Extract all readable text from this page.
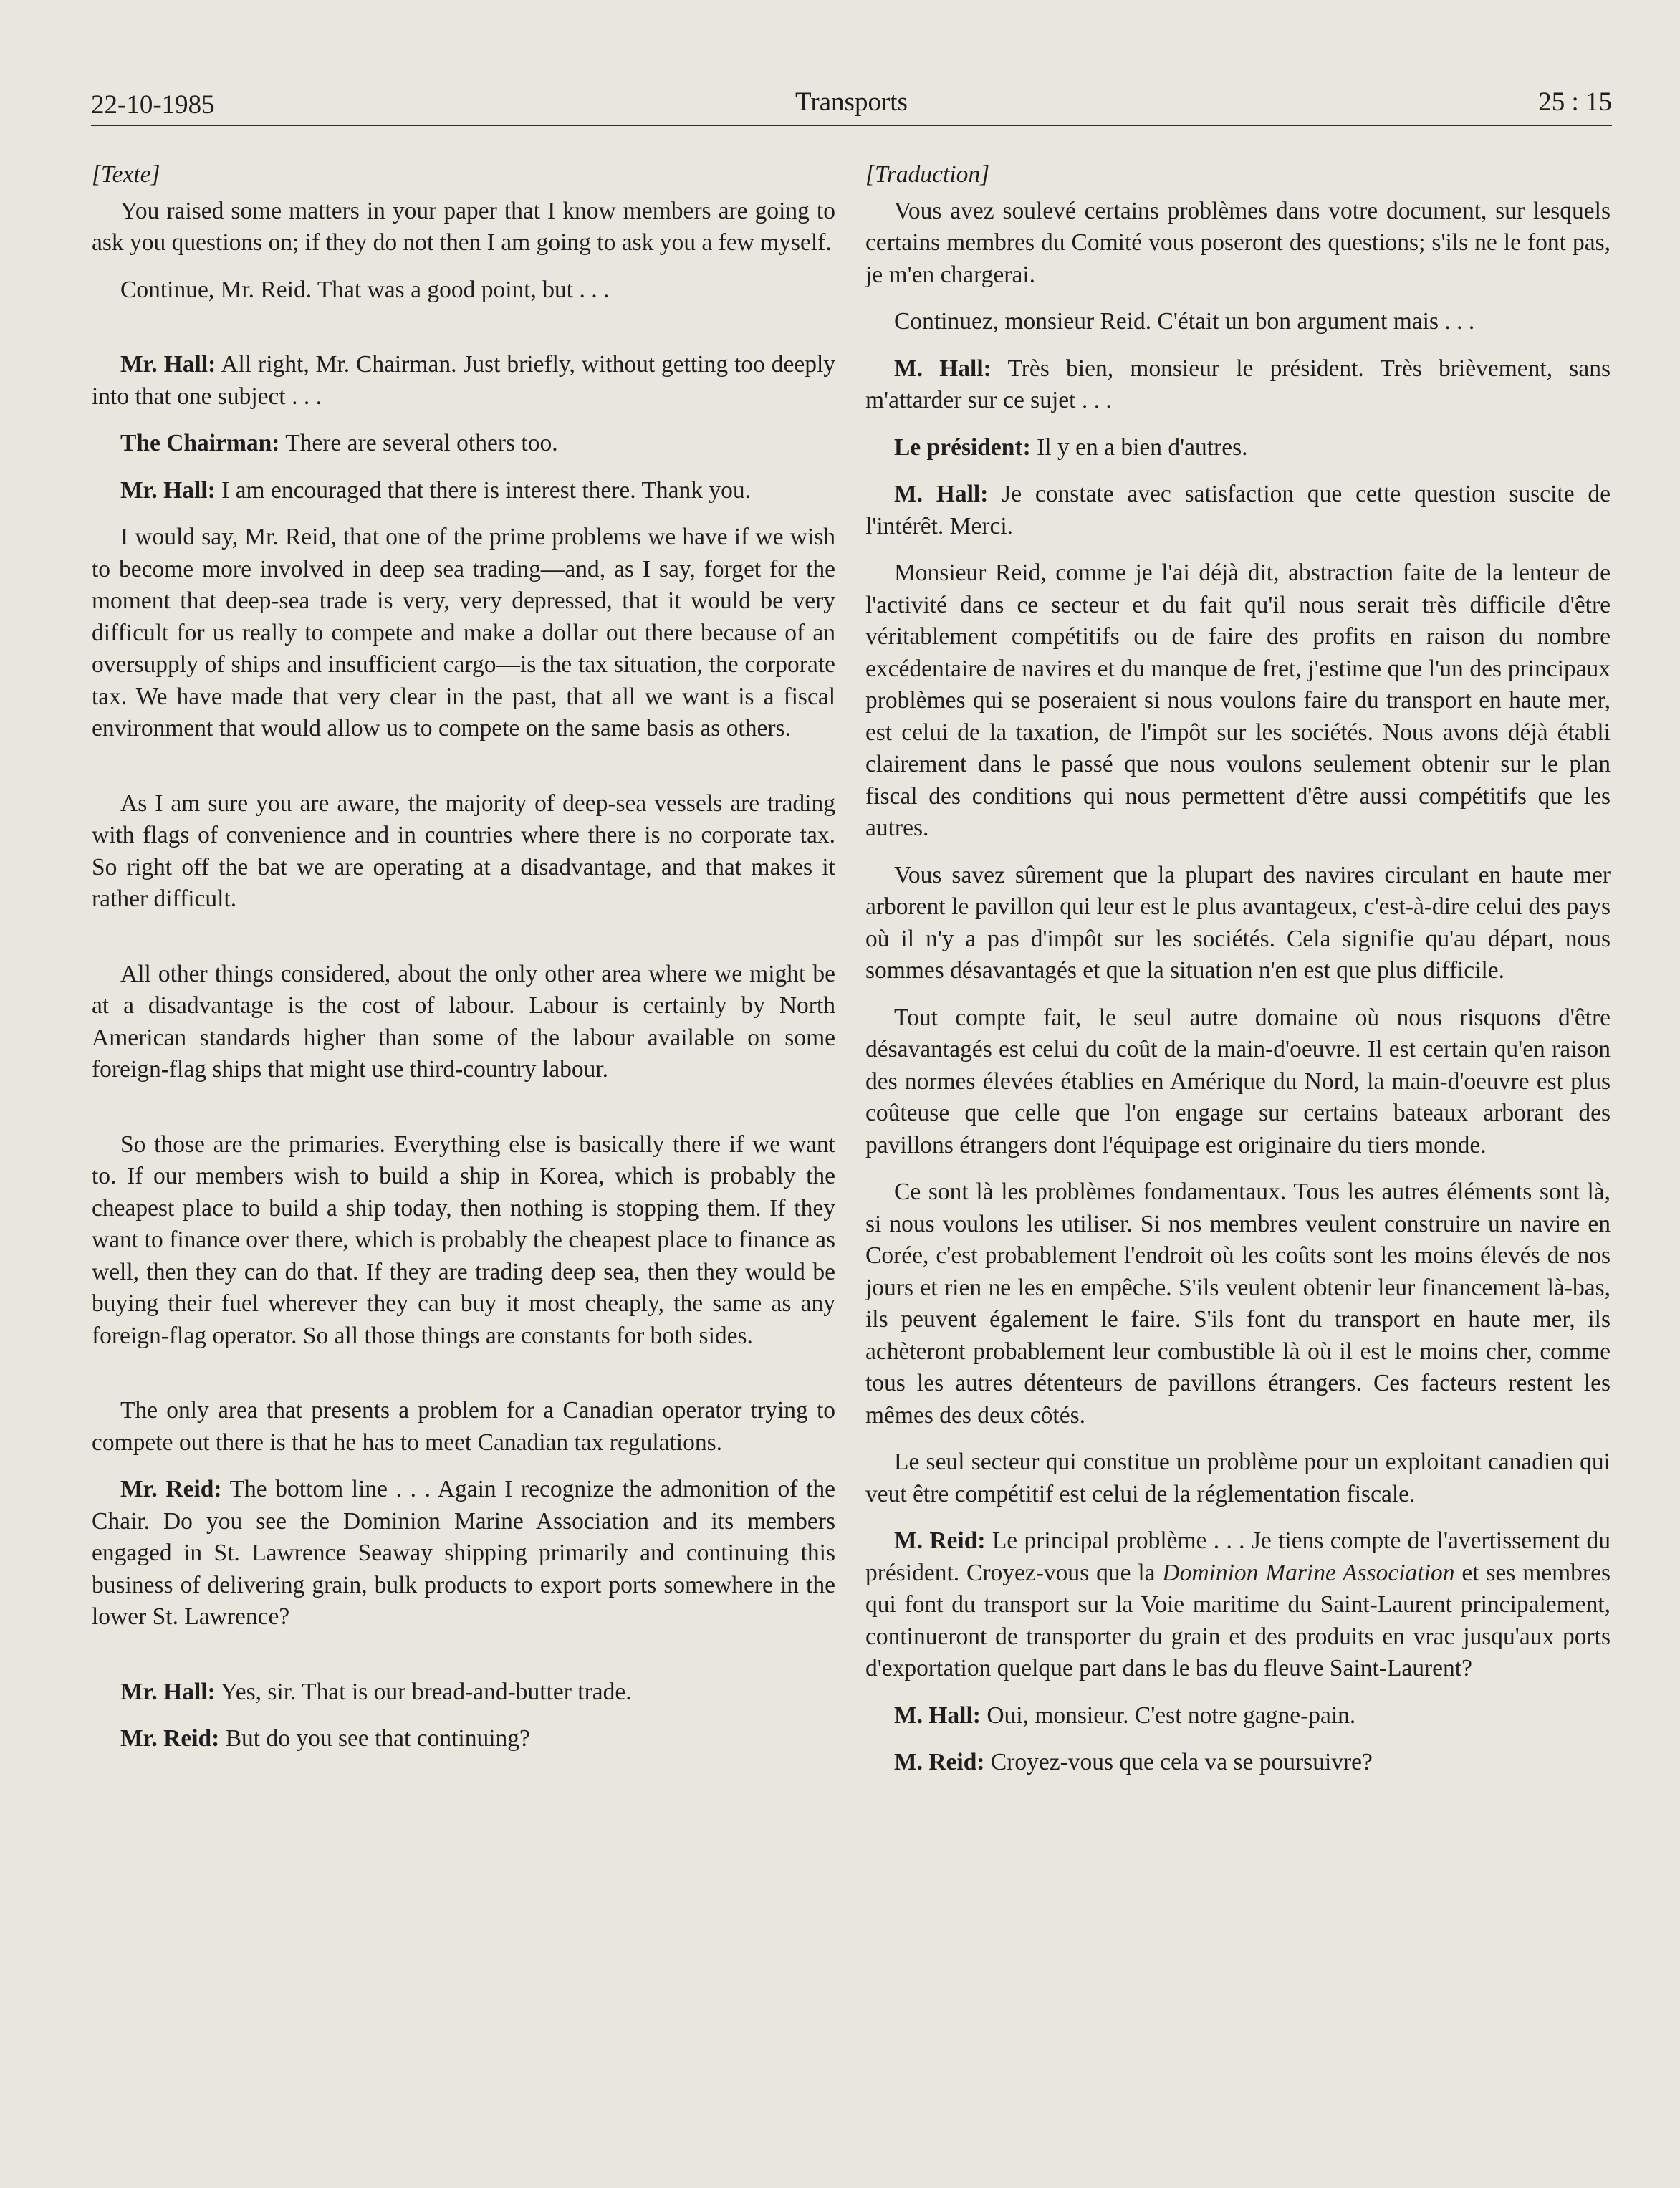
22-10-1985	Transports	25 : 15

[Texte]

You raised some matters in your paper that I know members are going to ask you questions on; if they do not then I am going to ask you a few myself.

Continue, Mr. Reid. That was a good point, but . . .

Mr. Hall: All right, Mr. Chairman. Just briefly, without getting too deeply into that one subject . . .

The Chairman: There are several others too.

Mr. Hall: I am encouraged that there is interest there. Thank you.

I would say, Mr. Reid, that one of the prime problems we have if we wish to become more involved in deep sea trading—and, as I say, forget for the moment that deep-sea trade is very, very depressed, that it would be very difficult for us really to compete and make a dollar out there because of an oversupply of ships and insufficient cargo—is the tax situation, the corporate tax. We have made that very clear in the past, that all we want is a fiscal environment that would allow us to compete on the same basis as others.

As I am sure you are aware, the majority of deep-sea vessels are trading with flags of convenience and in countries where there is no corporate tax. So right off the bat we are operating at a disadvantage, and that makes it rather difficult.

All other things considered, about the only other area where we might be at a disadvantage is the cost of labour. Labour is certainly by North American standards higher than some of the labour available on some foreign-flag ships that might use third-country labour.

So those are the primaries. Everything else is basically there if we want to. If our members wish to build a ship in Korea, which is probably the cheapest place to build a ship today, then nothing is stopping them. If they want to finance over there, which is probably the cheapest place to finance as well, then they can do that. If they are trading deep sea, then they would be buying their fuel wherever they can buy it most cheaply, the same as any foreign-flag operator. So all those things are constants for both sides.

The only area that presents a problem for a Canadian operator trying to compete out there is that he has to meet Canadian tax regulations.

Mr. Reid: The bottom line . . . Again I recognize the admonition of the Chair. Do you see the Dominion Marine Association and its members engaged in St. Lawrence Seaway shipping primarily and continuing this business of delivering grain, bulk products to export ports somewhere in the lower St. Lawrence?

Mr. Hall: Yes, sir. That is our bread-and-butter trade.

Mr. Reid: But do you see that continuing?

[Traduction]

Vous avez soulevé certains problèmes dans votre document, sur lesquels certains membres du Comité vous poseront des questions; s'ils ne le font pas, je m'en chargerai.

Continuez, monsieur Reid. C'était un bon argument mais . . .

M. Hall: Très bien, monsieur le président. Très brièvement, sans m'attarder sur ce sujet . . .

Le président: Il y en a bien d'autres.

M. Hall: Je constate avec satisfaction que cette question suscite de l'intérêt. Merci.

Monsieur Reid, comme je l'ai déjà dit, abstraction faite de la lenteur de l'activité dans ce secteur et du fait qu'il nous serait très difficile d'être véritablement compétitifs ou de faire des profits en raison du nombre excédentaire de navires et du manque de fret, j'estime que l'un des principaux problèmes qui se poseraient si nous voulons faire du transport en haute mer, est celui de la taxation, de l'impôt sur les sociétés. Nous avons déjà établi clairement dans le passé que nous voulons seulement obtenir sur le plan fiscal des conditions qui nous permettent d'être aussi compétitifs que les autres.

Vous savez sûrement que la plupart des navires circulant en haute mer arborent le pavillon qui leur est le plus avantageux, c'est-à-dire celui des pays où il n'y a pas d'impôt sur les sociétés. Cela signifie qu'au départ, nous sommes désavantagés et que la situation n'en est que plus difficile.

Tout compte fait, le seul autre domaine où nous risquons d'être désavantagés est celui du coût de la main-d'oeuvre. Il est certain qu'en raison des normes élevées établies en Amérique du Nord, la main-d'oeuvre est plus coûteuse que celle que l'on engage sur certains bateaux arborant des pavillons étrangers dont l'équipage est originaire du tiers monde.

Ce sont là les problèmes fondamentaux. Tous les autres éléments sont là, si nous voulons les utiliser. Si nos membres veulent construire un navire en Corée, c'est probablement l'endroit où les coûts sont les moins élevés de nos jours et rien ne les en empêche. S'ils veulent obtenir leur financement là-bas, ils peuvent également le faire. S'ils font du transport en haute mer, ils achèteront probablement leur combustible là où il est le moins cher, comme tous les autres détenteurs de pavillons étrangers. Ces facteurs restent les mêmes des deux côtés.

Le seul secteur qui constitue un problème pour un exploitant canadien qui veut être compétitif est celui de la réglementation fiscale.

M. Reid: Le principal problème . . . Je tiens compte de l'avertissement du président. Croyez-vous que la Dominion Marine Association et ses membres qui font du transport sur la Voie maritime du Saint-Laurent principalement, continueront de transporter du grain et des produits en vrac jusqu'aux ports d'exportation quelque part dans le bas du fleuve Saint-Laurent?

M. Hall: Oui, monsieur. C'est notre gagne-pain.

M. Reid: Croyez-vous que cela va se poursuivre?
